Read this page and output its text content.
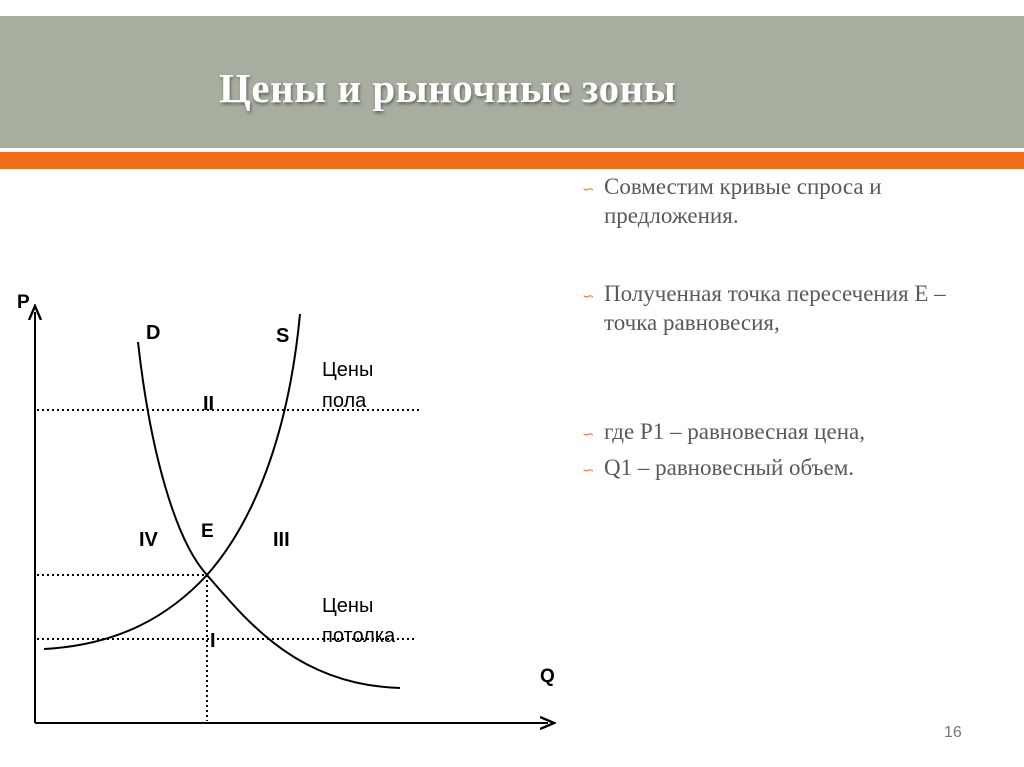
Цены и рыночные зоны
∽ Совместим кривые спроса и предложения.
∽ Полученная точка пересечения Е – точка равновесия,
∽ где Р1 – равновесная цена,
∽ Q1 – равновесный объем.
P
Q
D	S
E
II
IV	III
I
Цены
пола
Цены
потолка
16
